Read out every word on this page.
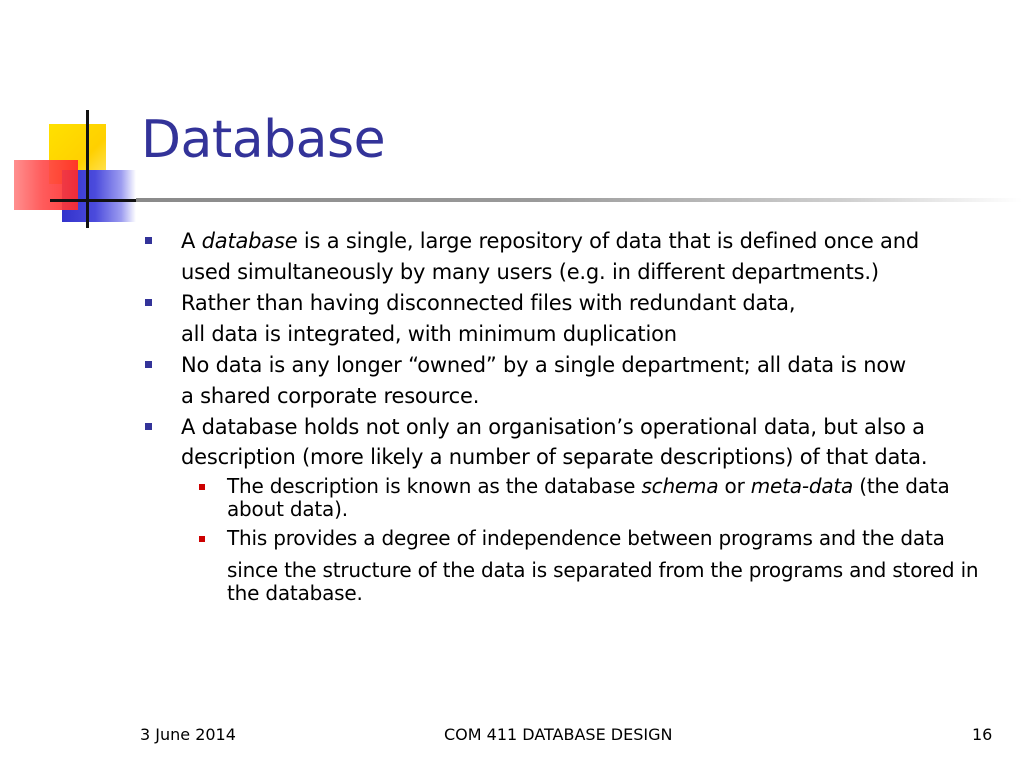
Database
A database is a single, large repository of data that is defined once and
used simultaneously by many users (e.g. in different departments.)
Rather than having disconnected files with redundant data,
all data is integrated, with minimum duplication
No data is any longer “owned” by a single department; all data is now
a shared corporate resource.
A database holds not only an organisation’s operational data, but also a
description (more likely a number of separate descriptions) of that data.
The description is known as the database schema or meta-data (the data about data).
This provides a degree of independence between programs and the data
since the structure of the data is separated from the programs and stored in the database.
3 June 2014	COM 411 DATABASE DESIGN	16
